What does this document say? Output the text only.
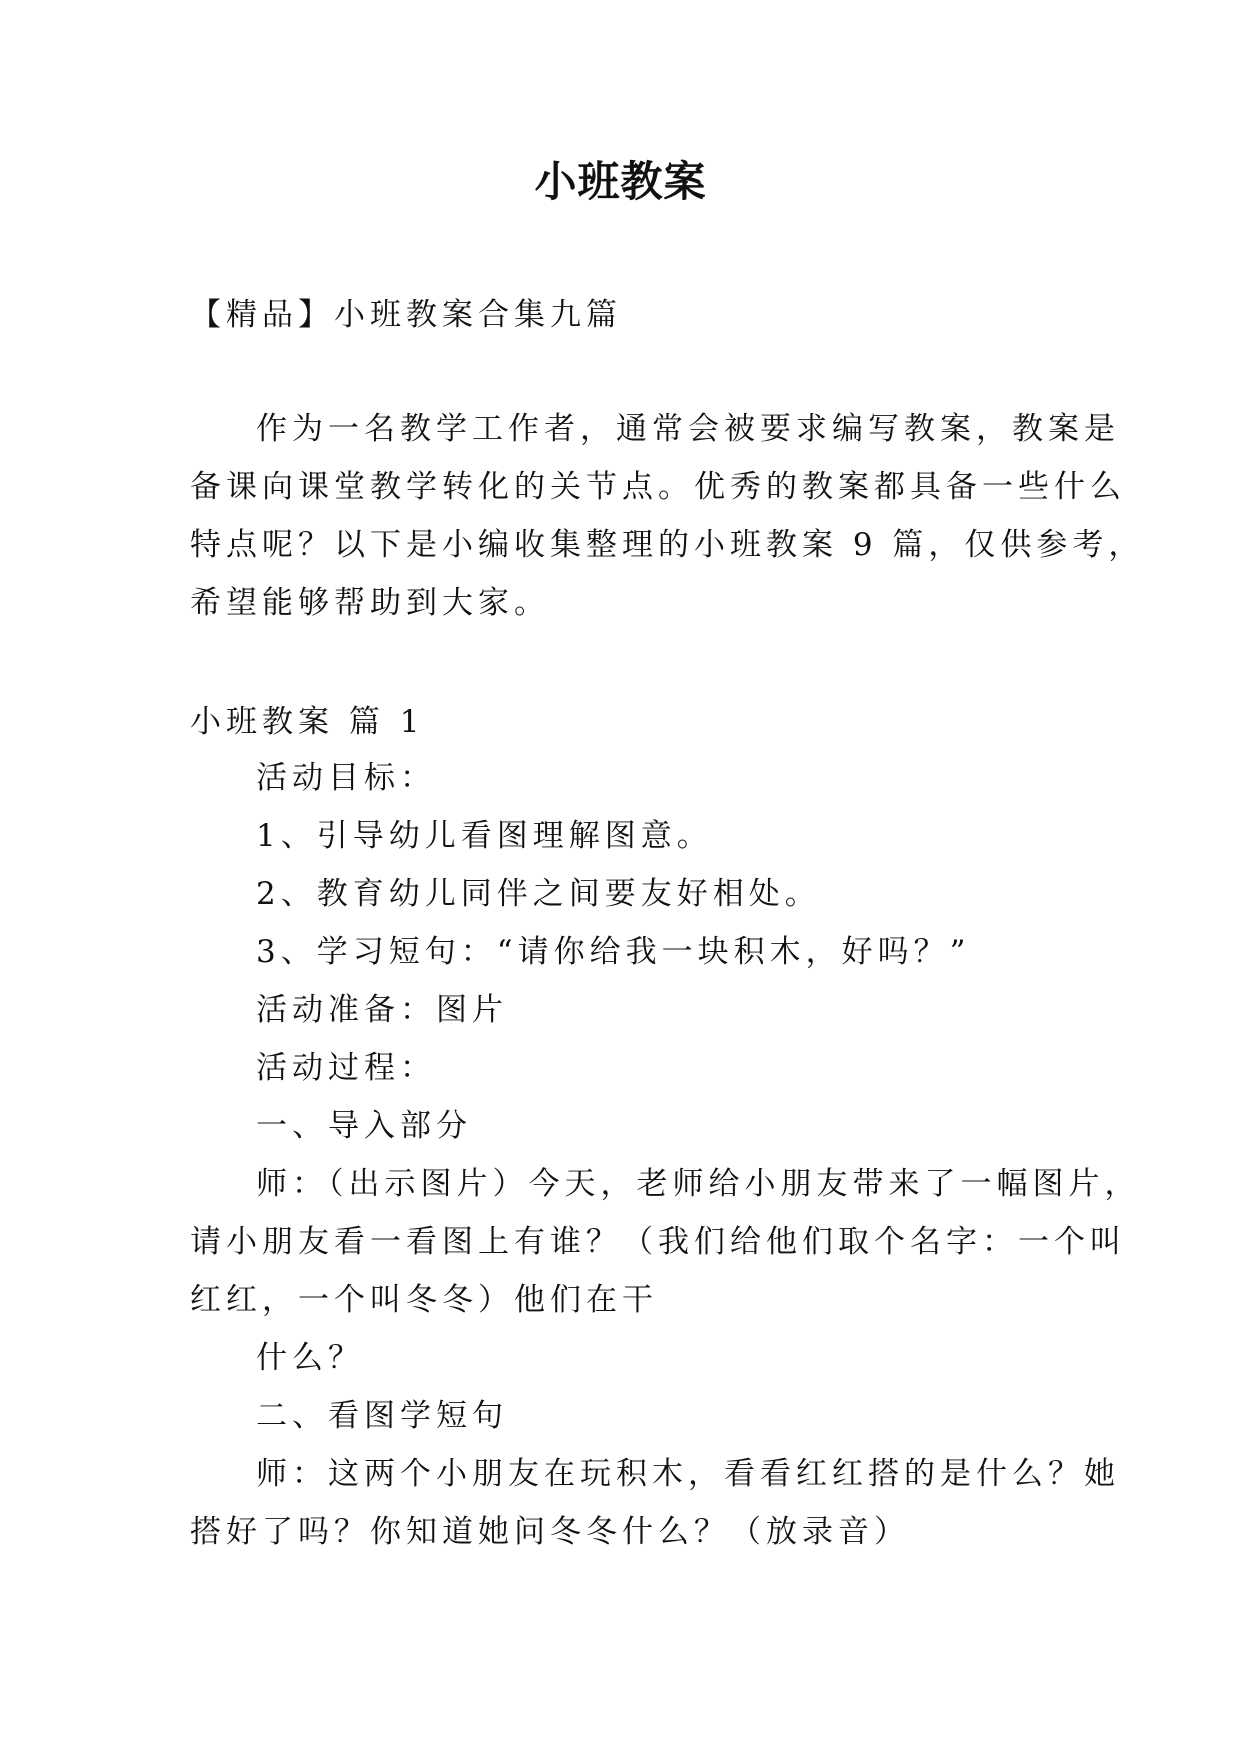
小班教案
【精品】小班教案合集九篇
作为一名教学工作者，通常会被要求编写教案，教案是
备课向课堂教学转化的关节点。优秀的教案都具备一些什么
特点呢？以下是小编收集整理的小班教案 9 篇，仅供参考，
希望能够帮助到大家。
小班教案 篇 1
活动目标：
1、引导幼儿看图理解图意。
2、教育幼儿同伴之间要友好相处。
3、学习短句：“请你给我一块积木，好吗？”
活动准备：图片
活动过程：
一、导入部分
师：（出示图片）今天，老师给小朋友带来了一幅图片，
请小朋友看一看图上有谁？（我们给他们取个名字：一个叫
红红，一个叫冬冬）他们在干
什么？
二、看图学短句
师：这两个小朋友在玩积木，看看红红搭的是什么？她
搭好了吗？你知道她问冬冬什么？（放录音）
